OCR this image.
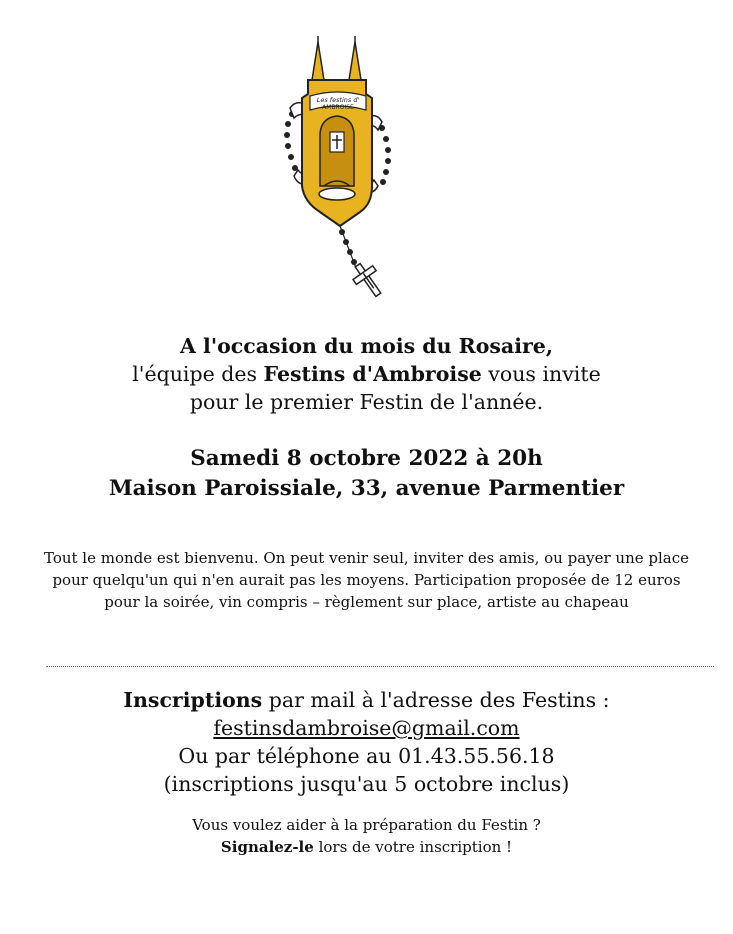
Les festins d'
AMBROISE
A l'occasion du mois du Rosaire,
l'équipe des Festins d'Ambroise vous invite
pour le premier Festin de l'année.
Samedi 8 octobre 2022 à 20h
Maison Paroissiale, 33, avenue Parmentier
Tout le monde est bienvenu. On peut venir seul, inviter des amis, ou payer une place pour quelqu'un qui n'en aurait pas les moyens. Participation proposée de 12 euros pour la soirée, vin compris – règlement sur place, artiste au chapeau
Inscriptions par mail à l'adresse des Festins :
festinsdambroise@gmail.com
Ou par téléphone au 01.43.55.56.18
(inscriptions jusqu'au 5 octobre inclus)
Vous voulez aider à la préparation du Festin ?
Signalez-le lors de votre inscription !
